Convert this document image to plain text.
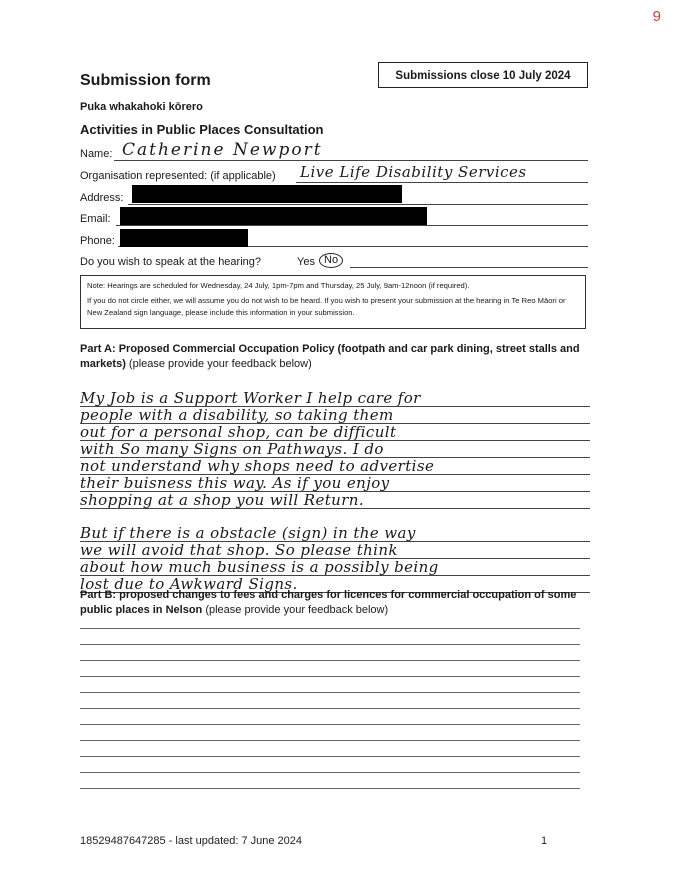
9
Submissions close 10 July 2024
Submission form
Puka whakahoki kōrero
Activities in Public Places Consultation
Name: Catherine Newport
Organisation represented: (if applicable) Live Life Disability Services
Address:
Email:
Phone:
Do you wish to speak at the hearing?	Yes No

Note: Hearings are scheduled for Wednesday, 24 July, 1pm-7pm and Thursday, 25 July, 9am-12noon (if required).

If you do not circle either, we will assume you do not wish to be heard. If you wish to present your submission at the hearing in Te Reo Māori or New Zealand sign language, please include this information in your submission.

Part A: Proposed Commercial Occupation Policy (footpath and car park dining, street stalls and markets) (please provide your feedback below)
My Job is a Support Worker I help care for
people with a disability, so taking them
out for a personal shop, can be difficult
with So many Signs on Pathways. I do
not understand why shops need to advertise
their buisness this way. As if you enjoy
shopping at a shop you will Return.
But if there is a obstacle (sign) in the way
we will avoid that shop. So please think
about how much business is a possibly being
lost due to Awkward Signs.
Part B: proposed changes to fees and charges for licences for commercial occupation of some public places in Nelson (please provide your feedback below)
18529487647285 - last updated: 7 June 2024	1
